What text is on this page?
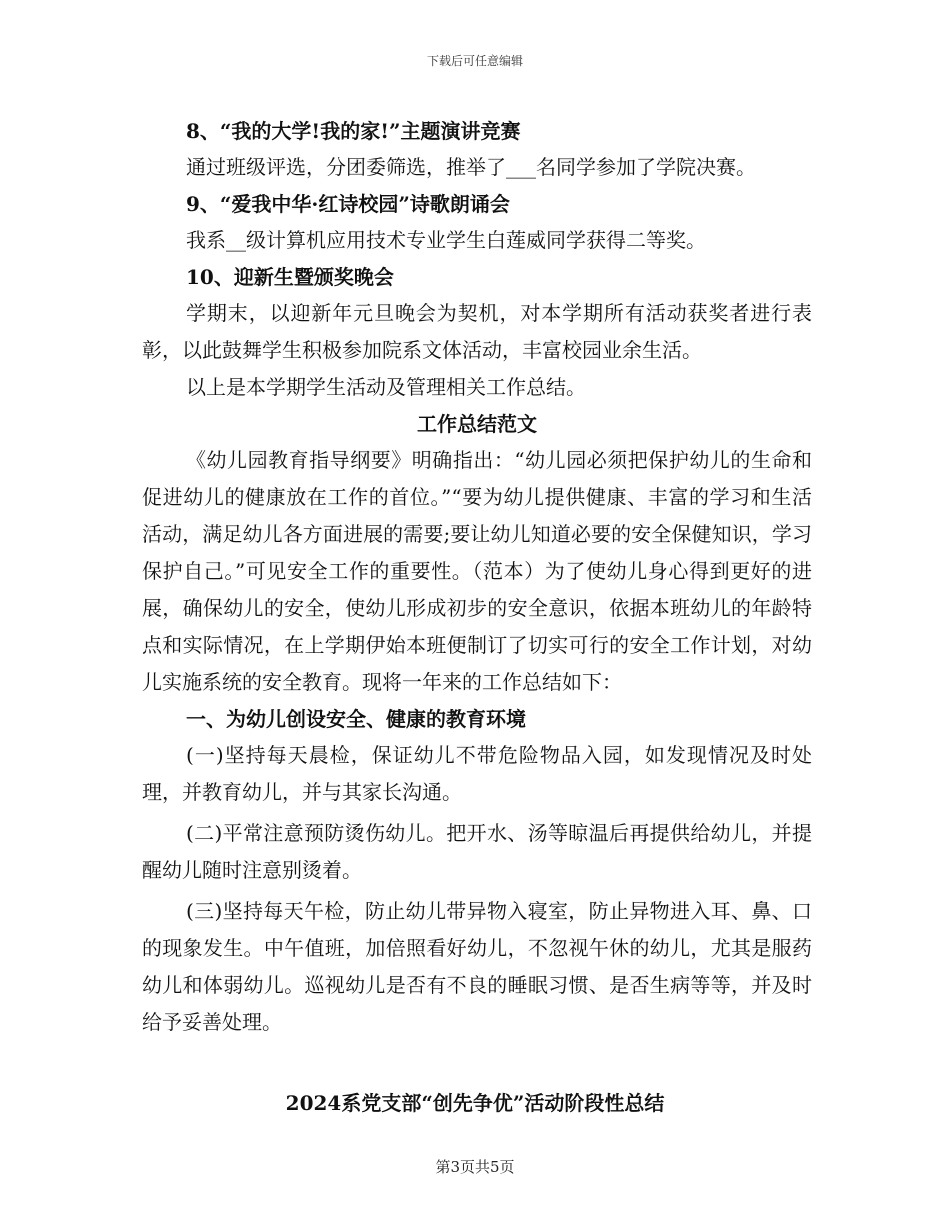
下载后可任意编辑
8、“我的大学!我的家!”主题演讲竞赛

通过班级评选，分团委筛选，推举了___名同学参加了学院决赛。

9、“爱我中华·红诗校园”诗歌朗诵会

我系__级计算机应用技术专业学生白莲威同学获得二等奖。

10、迎新生暨颁奖晚会

学期末，以迎新年元旦晚会为契机，对本学期所有活动获奖者进行表彰，以此鼓舞学生积极参加院系文体活动，丰富校园业余生活。

以上是本学期学生活动及管理相关工作总结。

工作总结范文

《幼儿园教育指导纲要》明确指出：“幼儿园必须把保护幼儿的生命和促进幼儿的健康放在工作的首位。”“要为幼儿提供健康、丰富的学习和生活活动，满足幼儿各方面进展的需要;要让幼儿知道必要的安全保健知识，学习保护自己。”可见安全工作的重要性。（范本）为了使幼儿身心得到更好的进展，确保幼儿的安全，使幼儿形成初步的安全意识，依据本班幼儿的年龄特点和实际情况，在上学期伊始本班便制订了切实可行的安全工作计划，对幼儿实施系统的安全教育。现将一年来的工作总结如下：

一、为幼儿创设安全、健康的教育环境

(一)坚持每天晨检，保证幼儿不带危险物品入园，如发现情况及时处理，并教育幼儿，并与其家长沟通。

(二)平常注意预防烫伤幼儿。把开水、汤等晾温后再提供给幼儿，并提醒幼儿随时注意别烫着。

(三)坚持每天午检，防止幼儿带异物入寝室，防止异物进入耳、鼻、口的现象发生。中午值班，加倍照看好幼儿，不忽视午休的幼儿，尤其是服药幼儿和体弱幼儿。巡视幼儿是否有不良的睡眠习惯、是否生病等等，并及时给予妥善处理。

2024系党支部“创先争优”活动阶段性总结
第3页共5页
